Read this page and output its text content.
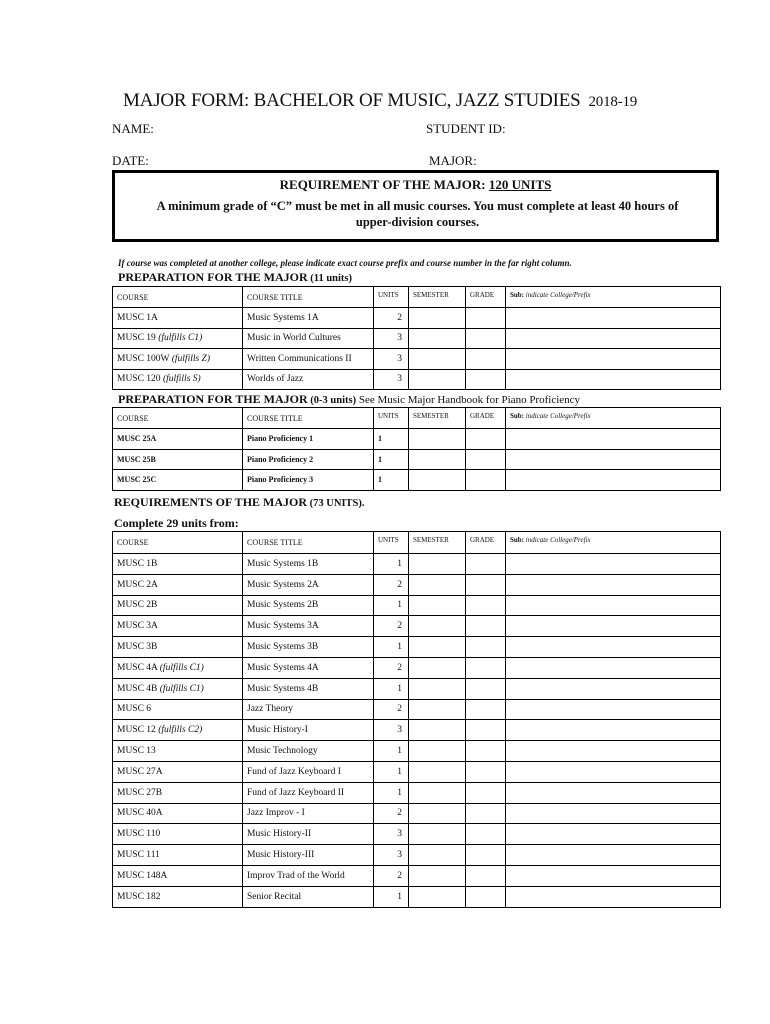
MAJOR FORM: BACHELOR OF MUSIC, JAZZ STUDIES 2018-19
NAME:	STUDENT ID:
DATE:	MAJOR:
REQUIREMENT OF THE MAJOR: 120 UNITS
A minimum grade of “C” must be met in all music courses. You must complete at least 40 hours of upper-division courses.
If course was completed at another college, please indicate exact course prefix and course number in the far right column.
PREPARATION FOR THE MAJOR (11 units)
COURSE	COURSE TITLE	UNITS	SEMESTER	GRADE	Sub: indicate College/Prefix
MUSC 1A	Music Systems 1A	2			
MUSC 19 (fulfills C1)	Music in World Cultures	3			
MUSC 100W (fulfills Z)	Written Communications II	3			
MUSC 120 (fulfills S)	Worlds of Jazz	3			
PREPARATION FOR THE MAJOR (0-3 units) See Music Major Handbook for Piano Proficiency
COURSE	COURSE TITLE	UNITS	SEMESTER	GRADE	Sub: indicate College/Prefix
MUSC 25A	Piano Proficiency 1	1			
MUSC 25B	Piano Proficiency 2	1			
MUSC 25C	Piano Proficiency 3	1			
REQUIREMENTS OF THE MAJOR (73 UNITS).
Complete 29 units from:
COURSE	COURSE TITLE	UNITS	SEMESTER	GRADE	Sub: indicate College/Prefix
MUSC 1B	Music Systems 1B	1			
MUSC 2A	Music Systems 2A	2			
MUSC 2B	Music Systems 2B	1			
MUSC 3A	Music Systems 3A	2			
MUSC 3B	Music Systems 3B	1			
MUSC 4A (fulfills C1)	Music Systems 4A	2			
MUSC 4B (fulfills C1)	Music Systems 4B	1			
MUSC 6	Jazz Theory	2			
MUSC 12 (fulfills C2)	Music History-I	3			
MUSC 13	Music Technology	1			
MUSC 27A	Fund of Jazz Keyboard I	1			
MUSC 27B	Fund of Jazz Keyboard II	1			
MUSC 40A	Jazz Improv - I	2			
MUSC 110	Music History-II	3			
MUSC 111	Music History-III	3			
MUSC 148A	Improv Trad of the World	2			
MUSC 182	Senior Recital	1			
